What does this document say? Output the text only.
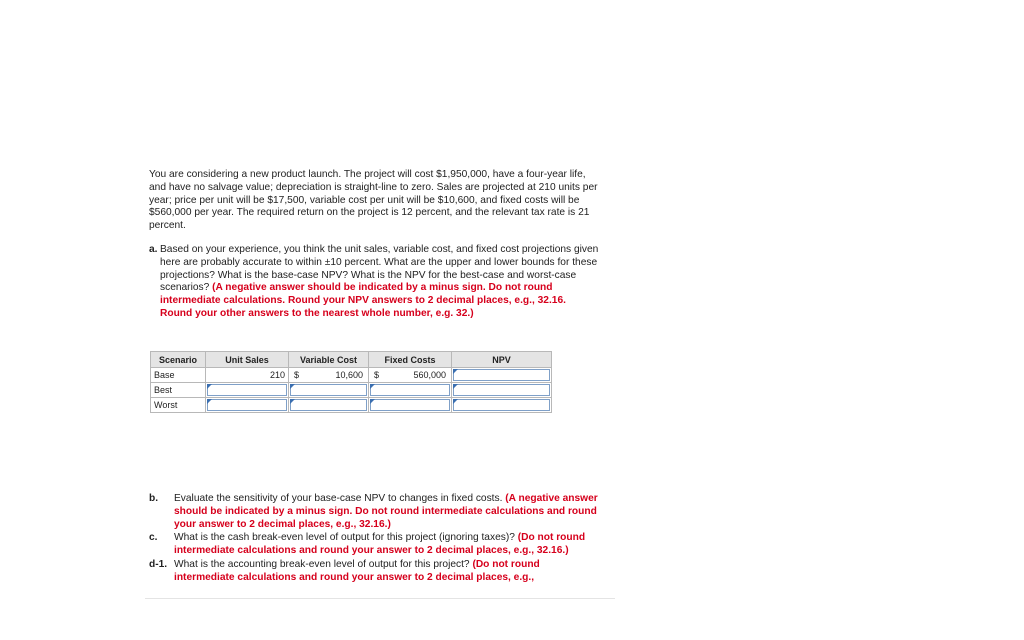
You are considering a new product launch. The project will cost $1,950,000, have a four-year life, and have no salvage value; depreciation is straight-line to zero. Sales are projected at 210 units per year; price per unit will be $17,500, variable cost per unit will be $10,600, and fixed costs will be $560,000 per year. The required return on the project is 12 percent, and the relevant tax rate is 21 percent.

a. Based on your experience, you think the unit sales, variable cost, and fixed cost projections given here are probably accurate to within ±10 percent. What are the upper and lower bounds for these projections? What is the base-case NPV? What is the NPV for the best-case and worst-case scenarios? (A negative answer should be indicated by a minus sign. Do not round intermediate calculations. Round your NPV answers to 2 decimal places, e.g., 32.16. Round your other answers to the nearest whole number, e.g. 32.)
Scenario	Unit Sales	Variable Cost	Fixed Costs	NPV
Base	210	$ 10,600	$ 560,000	

Best	

Worst	

b. Evaluate the sensitivity of your base-case NPV to changes in fixed costs. (A negative answer should be indicated by a minus sign. Do not round intermediate calculations and round your answer to 2 decimal places, e.g., 32.16.)
c. What is the cash break-even level of output for this project (ignoring taxes)? (Do not round intermediate calculations and round your answer to 2 decimal places, e.g., 32.16.)
d-1. What is the accounting break-even level of output for this project? (Do not round intermediate calculations and round your answer to 2 decimal places, e.g.,
